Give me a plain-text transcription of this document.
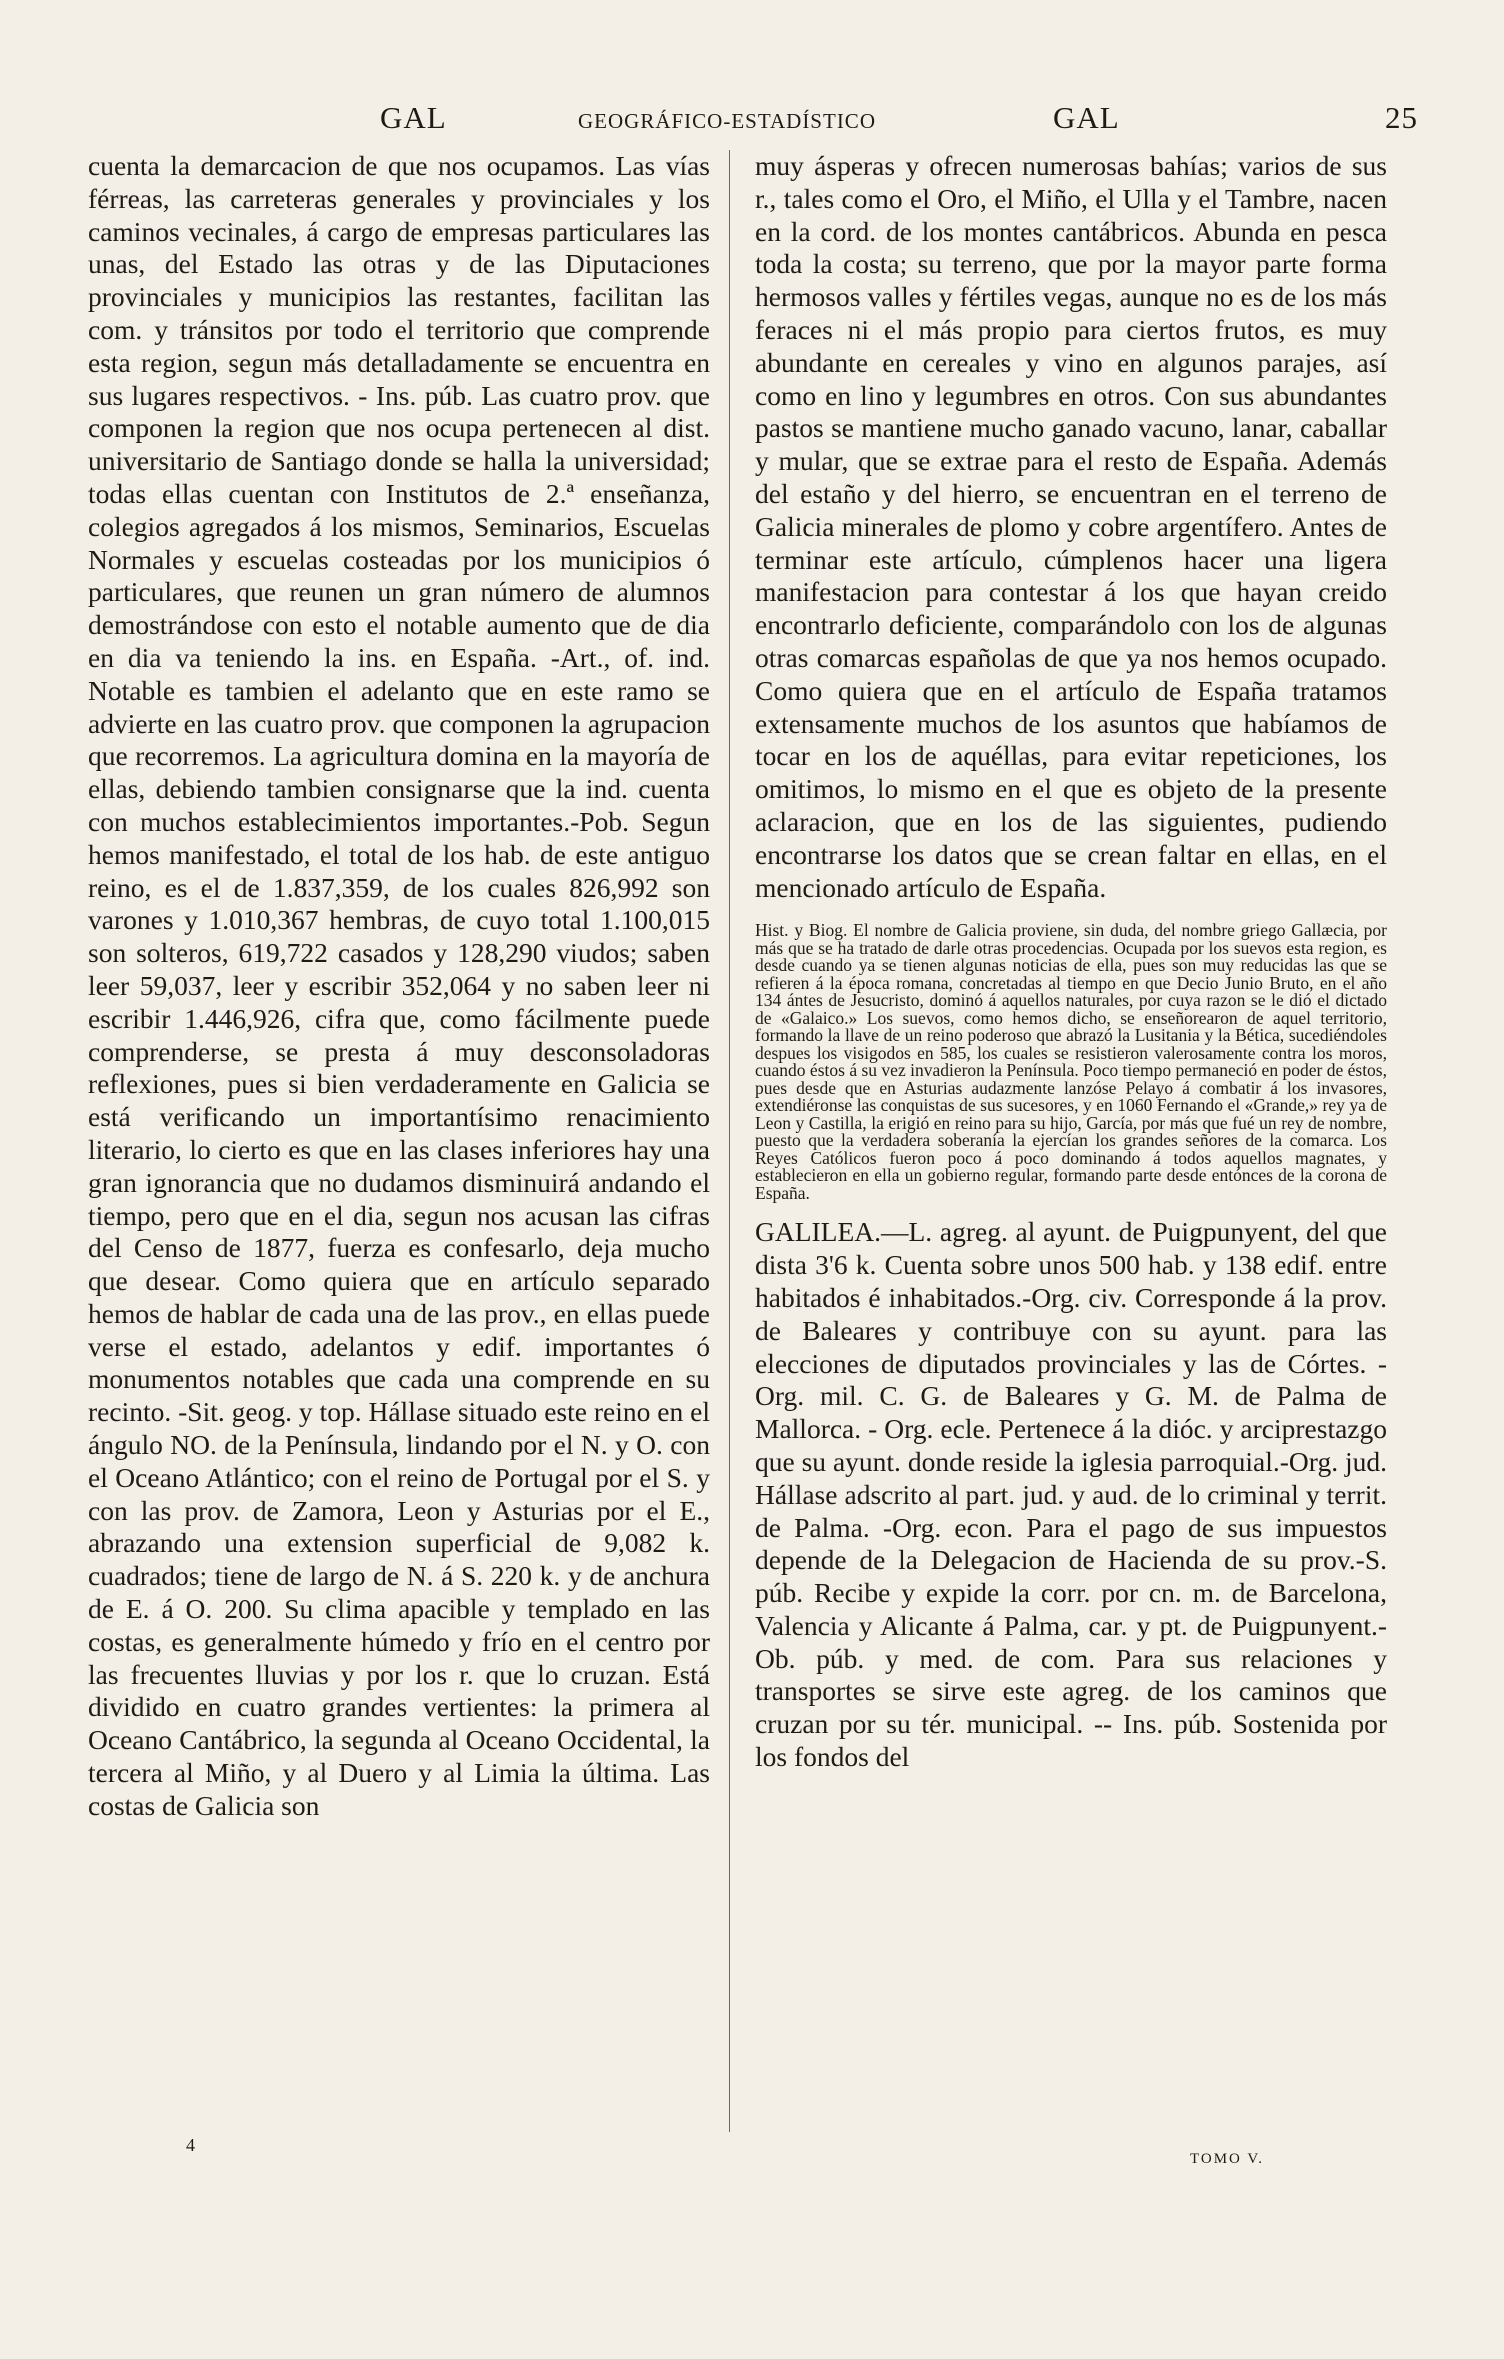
GAL	GEOGRÁFICO-ESTADÍSTICO	GAL	25

cuenta la demarcacion de que nos ocupamos. Las vías férreas, las carreteras generales y provinciales y los caminos vecinales, á cargo de empresas particulares las unas, del Estado las otras y de las Diputaciones provinciales y municipios las restantes, facilitan las com. y tránsitos por todo el territorio que comprende esta region, segun más detalladamente se encuentra en sus lugares respectivos. - Ins. púb. Las cuatro prov. que componen la region que nos ocupa pertenecen al dist. universitario de Santiago donde se halla la universidad; todas ellas cuentan con Institutos de 2.ª enseñanza, colegios agregados á los mismos, Seminarios, Escuelas Normales y escuelas costeadas por los municipios ó particulares, que reunen un gran número de alumnos demostrándose con esto el notable aumento que de dia en dia va teniendo la ins. en España. -Art., of. ind. Notable es tambien el adelanto que en este ramo se advierte en las cuatro prov. que componen la agrupacion que recorremos. La agricultura domina en la mayoría de ellas, debiendo tambien consignarse que la ind. cuenta con muchos establecimientos importantes.-Pob. Segun hemos manifestado, el total de los hab. de este antiguo reino, es el de 1.837,359, de los cuales 826,992 son varones y 1.010,367 hembras, de cuyo total 1.100,015 son solteros, 619,722 casados y 128,290 viudos; saben leer 59,037, leer y escribir 352,064 y no saben leer ni escribir 1.446,926, cifra que, como fácilmente puede comprenderse, se presta á muy desconsoladoras reflexiones, pues si bien verdaderamente en Galicia se está verificando un importantísimo renacimiento literario, lo cierto es que en las clases inferiores hay una gran ignorancia que no dudamos disminuirá andando el tiempo, pero que en el dia, segun nos acusan las cifras del Censo de 1877, fuerza es confesarlo, deja mucho que desear. Como quiera que en artículo separado hemos de hablar de cada una de las prov., en ellas puede verse el estado, adelantos y edif. importantes ó monumentos notables que cada una comprende en su recinto. -Sit. geog. y top. Hállase situado este reino en el ángulo NO. de la Península, lindando por el N. y O. con el Oceano Atlántico; con el reino de Portugal por el S. y con las prov. de Zamora, Leon y Asturias por el E., abrazando una extension superficial de 9,082 k. cuadrados; tiene de largo de N. á S. 220 k. y de anchura de E. á O. 200. Su clima apacible y templado en las costas, es generalmente húmedo y frío en el centro por las frecuentes lluvias y por los r. que lo cruzan. Está dividido en cuatro grandes vertientes: la primera al Oceano Cantábrico, la segunda al Oceano Occidental, la tercera al Miño, y al Duero y al Limia la última. Las costas de Galicia son

muy ásperas y ofrecen numerosas bahías; varios de sus r., tales como el Oro, el Miño, el Ulla y el Tambre, nacen en la cord. de los montes cantábricos. Abunda en pesca toda la costa; su terreno, que por la mayor parte forma hermosos valles y fértiles vegas, aunque no es de los más feraces ni el más propio para ciertos frutos, es muy abundante en cereales y vino en algunos parajes, así como en lino y legumbres en otros. Con sus abundantes pastos se mantiene mucho ganado vacuno, lanar, caballar y mular, que se extrae para el resto de España. Además del estaño y del hierro, se encuentran en el terreno de Galicia minerales de plomo y cobre argentífero. Antes de terminar este artículo, cúmplenos hacer una ligera manifestacion para contestar á los que hayan creido encontrarlo deficiente, comparándolo con los de algunas otras comarcas españolas de que ya nos hemos ocupado. Como quiera que en el artículo de España tratamos extensamente muchos de los asuntos que habíamos de tocar en los de aquéllas, para evitar repeticiones, los omitimos, lo mismo en el que es objeto de la presente aclaracion, que en los de las siguientes, pudiendo encontrarse los datos que se crean faltar en ellas, en el mencionado artículo de España.

Hist. y Biog. El nombre de Galicia proviene, sin duda, del nombre griego Gallæcia, por más que se ha tratado de darle otras procedencias. Ocupada por los suevos esta region, es desde cuando ya se tienen algunas noticias de ella, pues son muy reducidas las que se refieren á la época romana, concretadas al tiempo en que Decio Junio Bruto, en el año 134 ántes de Jesucristo, dominó á aquellos naturales, por cuya razon se le dió el dictado de «Galaico.» Los suevos, como hemos dicho, se enseñorearon de aquel territorio, formando la llave de un reino poderoso que abrazó la Lusitania y la Bética, sucediéndoles despues los visigodos en 585, los cuales se resistieron valerosamente contra los moros, cuando éstos á su vez invadieron la Península. Poco tiempo permaneció en poder de éstos, pues desde que en Asturias audazmente lanzóse Pelayo á combatir á los invasores, extendiéronse las conquistas de sus sucesores, y en 1060 Fernando el «Grande,» rey ya de Leon y Castilla, la erigió en reino para su hijo, García, por más que fué un rey de nombre, puesto que la verdadera soberanía la ejercían los grandes señores de la comarca. Los Reyes Católicos fueron poco á poco dominando á todos aquellos magnates, y establecieron en ella un gobierno regular, formando parte desde entónces de la corona de España.

GALILEA.—L. agreg. al ayunt. de Puigpunyent, del que dista 3'6 k. Cuenta sobre unos 500 hab. y 138 edif. entre habitados é inhabitados.-Org. civ. Corresponde á la prov. de Baleares y contribuye con su ayunt. para las elecciones de diputados provinciales y las de Córtes. - Org. mil. C. G. de Baleares y G. M. de Palma de Mallorca. - Org. ecle. Pertenece á la dióc. y arciprestazgo que su ayunt. donde reside la iglesia parroquial.-Org. jud. Hállase adscrito al part. jud. y aud. de lo criminal y territ. de Palma. -Org. econ. Para el pago de sus impuestos depende de la Delegacion de Hacienda de su prov.-S. púb. Recibe y expide la corr. por cn. m. de Barcelona, Valencia y Alicante á Palma, car. y pt. de Puigpunyent.-Ob. púb. y med. de com. Para sus relaciones y transportes se sirve este agreg. de los caminos que cruzan por su tér. municipal. -- Ins. púb. Sostenida por los fondos del

4
TOMO V.
